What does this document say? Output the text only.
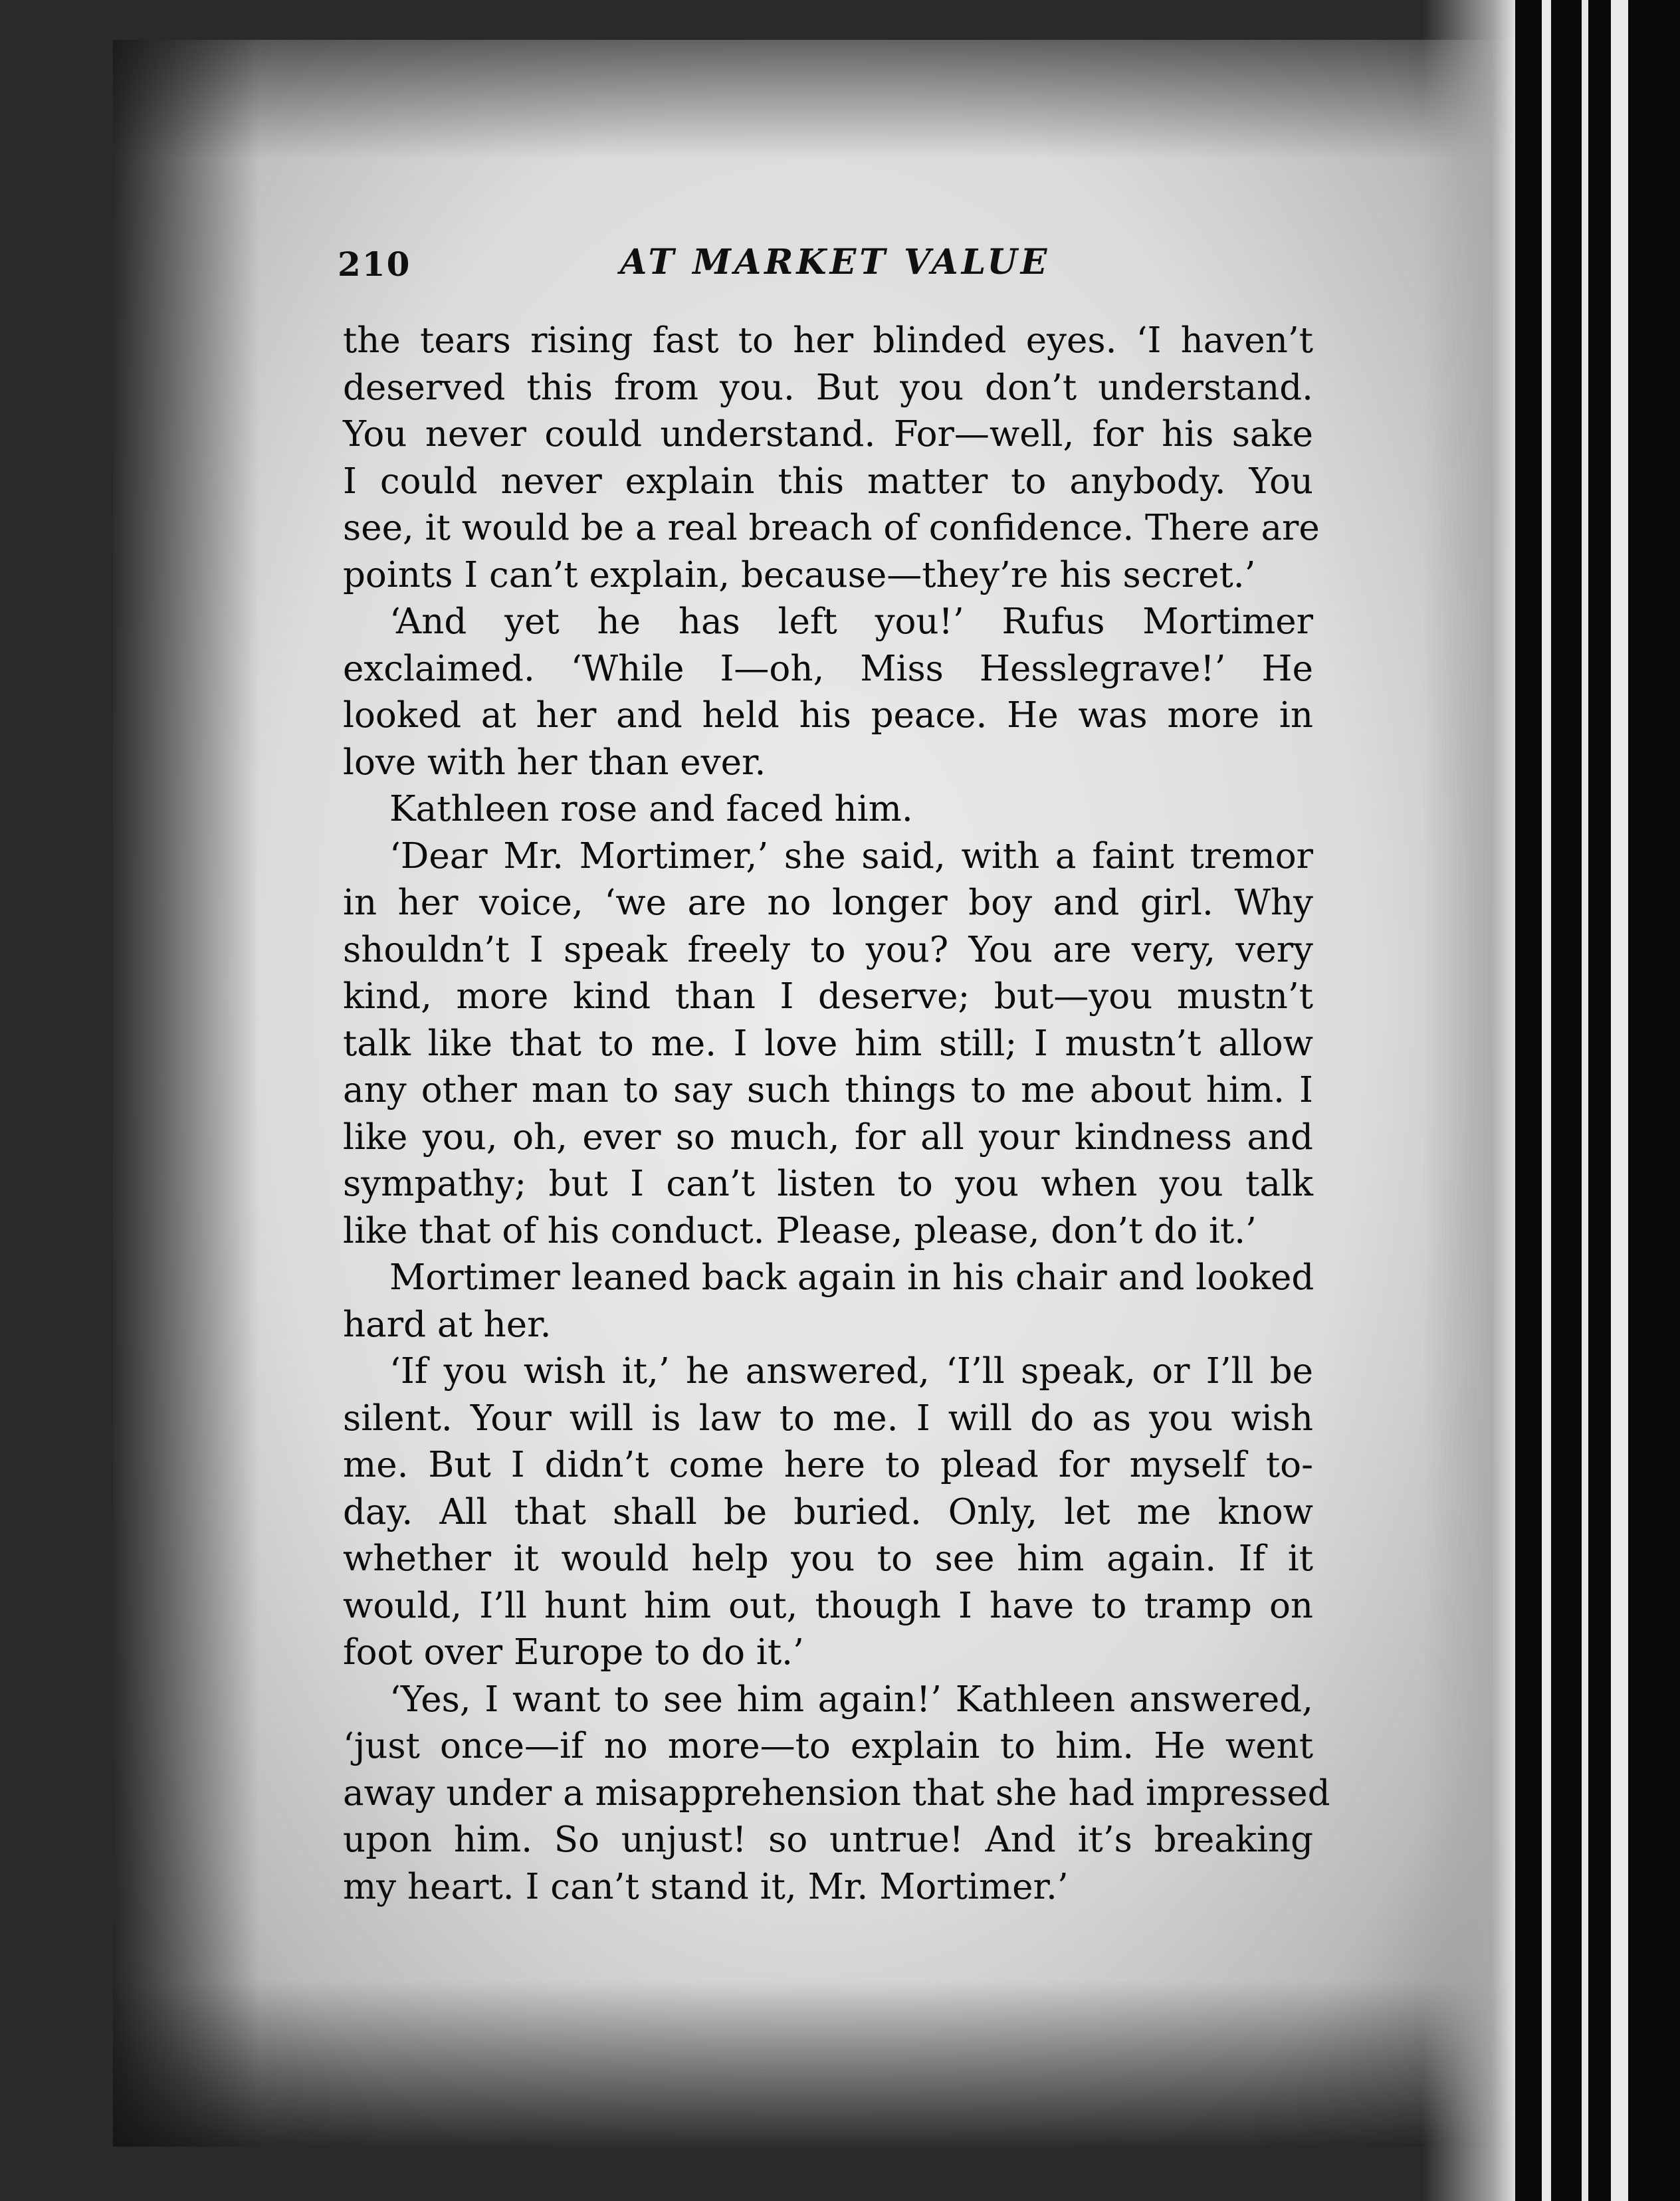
210	AT MARKET VALUE
the tears rising fast to her blinded eyes. ‘I haven’t
deserved this from you. But you don’t understand.
You never could understand. For—well, for his sake
I could never explain this matter to anybody. You
see, it would be a real breach of confidence. There are
points I can’t explain, because—they’re his secret.’
‘And yet he has left you!’ Rufus Mortimer
exclaimed. ‘While I—oh, Miss Hesslegrave!’ He
looked at her and held his peace. He was more in
love with her than ever.
Kathleen rose and faced him.
‘Dear Mr. Mortimer,’ she said, with a faint tremor
in her voice, ‘we are no longer boy and girl. Why
shouldn’t I speak freely to you? You are very, very
kind, more kind than I deserve; but—you mustn’t
talk like that to me. I love him still; I mustn’t allow
any other man to say such things to me about him. I
like you, oh, ever so much, for all your kindness and
sympathy; but I can’t listen to you when you talk
like that of his conduct. Please, please, don’t do it.’
Mortimer leaned back again in his chair and looked
hard at her.
‘If you wish it,’ he answered, ‘I’ll speak, or I’ll be
silent. Your will is law to me. I will do as you wish
me. But I didn’t come here to plead for myself to-
day. All that shall be buried. Only, let me know
whether it would help you to see him again. If it
would, I’ll hunt him out, though I have to tramp on
foot over Europe to do it.’
‘Yes, I want to see him again!’ Kathleen answered,
‘just once—if no more—to explain to him. He went
away under a misapprehension that she had impressed
upon him. So unjust! so untrue! And it’s breaking
my heart. I can’t stand it, Mr. Mortimer.’
